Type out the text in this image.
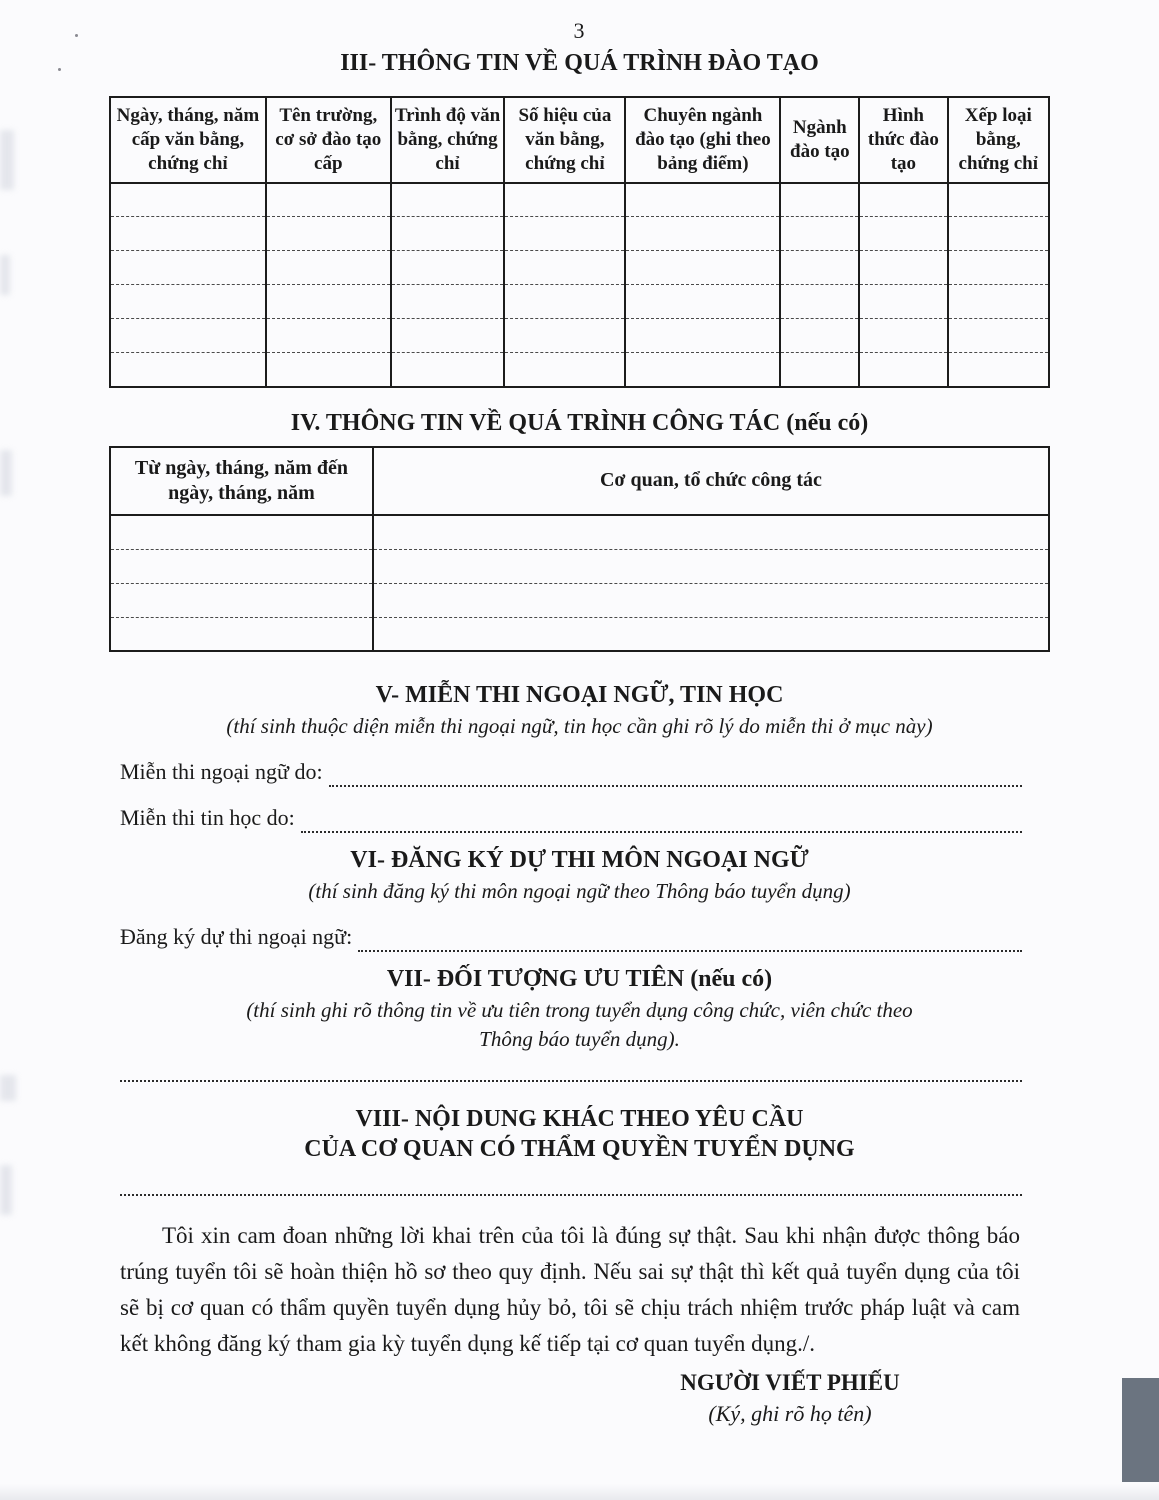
3
III- THÔNG TIN VỀ QUÁ TRÌNH ĐÀO TẠO
Ngày, tháng, năm cấp văn bằng, chứng chỉ	Tên trường, cơ sở đào tạo cấp	Trình độ văn bằng, chứng chỉ	Số hiệu của văn bằng, chứng chỉ	Chuyên ngành đào tạo (ghi theo bảng điểm)	Ngành đào tạo	Hình thức đào tạo	Xếp loại bằng, chứng chỉ

IV. THÔNG TIN VỀ QUÁ TRÌNH CÔNG TÁC (nếu có)
Từ ngày, tháng, năm đến ngày, tháng, năm	Cơ quan, tổ chức công tác

V- MIỄN THI NGOẠI NGỮ, TIN HỌC
(thí sinh thuộc diện miễn thi ngoại ngữ, tin học cần ghi rõ lý do miễn thi ở mục này)
Miễn thi ngoại ngữ do:
Miễn thi tin học do:
VI- ĐĂNG KÝ DỰ THI MÔN NGOẠI NGỮ
(thí sinh đăng ký thi môn ngoại ngữ theo Thông báo tuyển dụng)
Đăng ký dự thi ngoại ngữ:
VII- ĐỐI TƯỢNG ƯU TIÊN (nếu có)
(thí sinh ghi rõ thông tin về ưu tiên trong tuyển dụng công chức, viên chức theo
Thông báo tuyển dụng).
VIII- NỘI DUNG KHÁC THEO YÊU CẦU
CỦA CƠ QUAN CÓ THẨM QUYỀN TUYỂN DỤNG

Tôi xin cam đoan những lời khai trên của tôi là đúng sự thật. Sau khi nhận được thông báo trúng tuyển tôi sẽ hoàn thiện hồ sơ theo quy định. Nếu sai sự thật thì kết quả tuyển dụng của tôi sẽ bị cơ quan có thẩm quyền tuyển dụng hủy bỏ, tôi sẽ chịu trách nhiệm trước pháp luật và cam kết không đăng ký tham gia kỳ tuyển dụng kế tiếp tại cơ quan tuyển dụng./.

NGƯỜI VIẾT PHIẾU
(Ký, ghi rõ họ tên)
